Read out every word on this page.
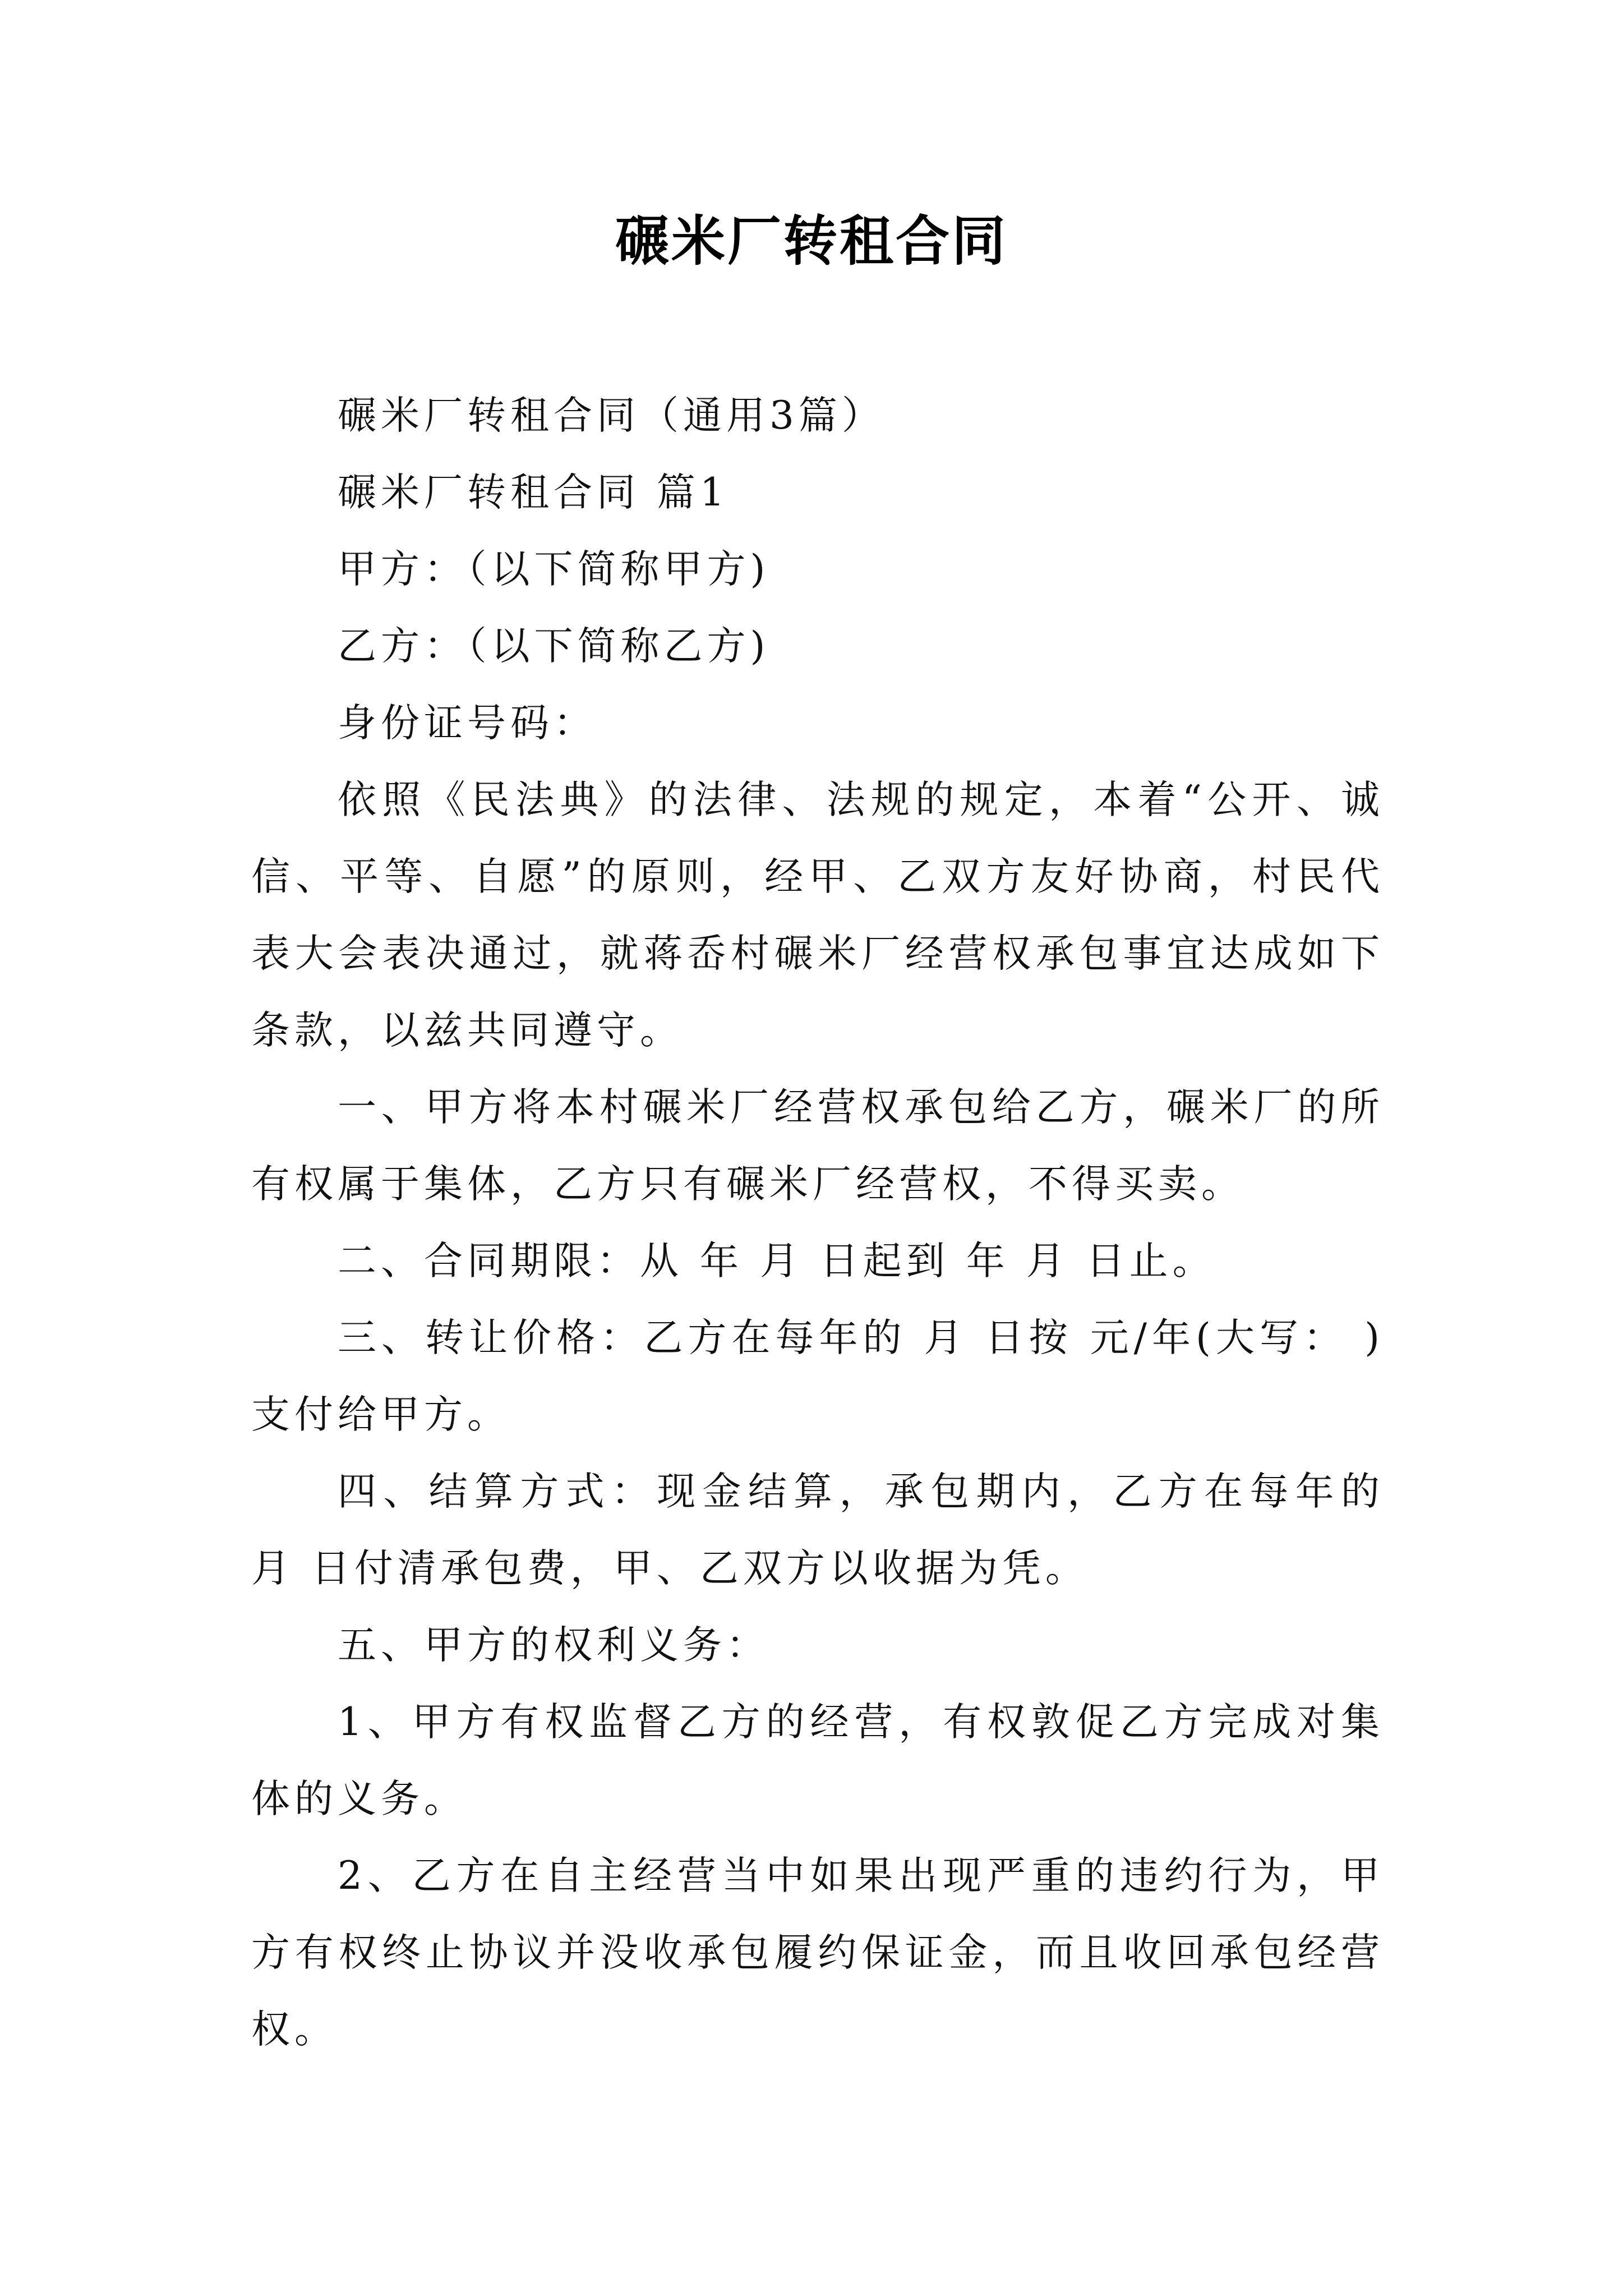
碾米厂转租合同

碾米厂转租合同（通用3篇）

碾米厂转租合同 篇1

甲方：（以下简称甲方)

乙方：（以下简称乙方)

身份证号码：

依照《民法典》的法律、法规的规定，本着“公开、诚信、平等、自愿”的原则，经甲、乙双方友好协商，村民代表大会表决通过，就蒋岙村碾米厂经营权承包事宜达成如下条款，以兹共同遵守。

一、甲方将本村碾米厂经营权承包给乙方，碾米厂的所有权属于集体，乙方只有碾米厂经营权，不得买卖。

二、合同期限：从 年 月 日起到 年 月 日止。

三、转让价格：乙方在每年的 月 日按 元/年(大写： )支付给甲方。

四、结算方式：现金结算，承包期内，乙方在每年的 月 日付清承包费，甲、乙双方以收据为凭。

五、甲方的权利义务：

1、甲方有权监督乙方的经营，有权敦促乙方完成对集体的义务。

2、乙方在自主经营当中如果出现严重的违约行为，甲方有权终止协议并没收承包履约保证金，而且收回承包经营权。
